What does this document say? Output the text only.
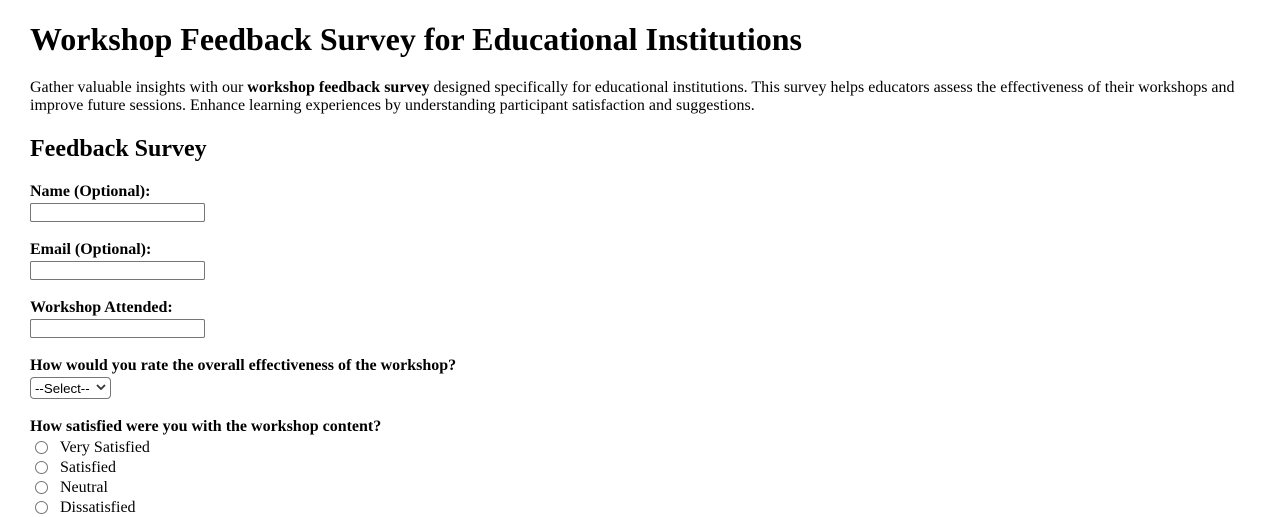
Workshop Feedback Survey for Educational Institutions

Gather valuable insights with our workshop feedback survey designed specifically for educational institutions. This survey helps educators assess the effectiveness of their workshops and improve future sessions. Enhance learning experiences by understanding participant satisfaction and suggestions.

Feedback Survey
Name (Optional):
Email (Optional):
Workshop Attended:
How would you rate the overall effectiveness of the workshop?
--Select--
How satisfied were you with the workshop content?
Very Satisfied
Satisfied
Neutral
Dissatisfied
